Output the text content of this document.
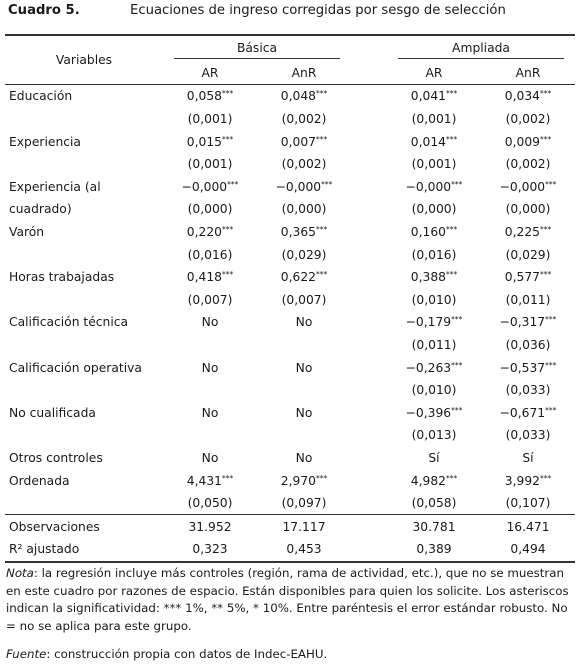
Cuadro 5.	Ecuaciones de ingreso corregidas por sesgo de selección
Variables	Básica			Ampliada	
	AR	AnR		AR	AnR
Educación	0,058***	0,048***		0,041***	0,034***
	(0,001)	(0,002)		(0,001)	(0,002)
Experiencia	0,015***	0,007***		0,014***	0,009***
	(0,001)	(0,002)		(0,001)	(0,002)
Experiencia (al	−0,000***	−0,000***		−0,000***	−0,000***
cuadrado)	(0,000)	(0,000)		(0,000)	(0,000)
Varón	0,220***	0,365***		0,160***	0,225***
	(0,016)	(0,029)		(0,016)	(0,029)
Horas trabajadas	0,418***	0,622***		0,388***	0,577***
	(0,007)	(0,007)		(0,010)	(0,011)
Calificación técnica	No	No		−0,179***	−0,317***
				(0,011)	(0,036)
Calificación operativa	No	No		−0,263***	−0,537***
				(0,010)	(0,033)
No cualificada	No	No		−0,396***	−0,671***
				(0,013)	(0,033)
Otros controles	No	No		Sí	Sí
Ordenada	4,431***	2,970***		4,982***	3,992***
	(0,050)	(0,097)		(0,058)	(0,107)
Observaciones	31.952	17.117		30.781	16.471
R² ajustado	0,323	0,453		0,389	0,494

Nota: la regresión incluye más controles (región, rama de actividad, etc.), que no se muestran en este cuadro por razones de espacio. Están disponibles para quien los solicite. Los asteriscos indican la significatividad: *** 1%, ** 5%, * 10%. Entre paréntesis el error estándar robusto. No = no se aplica para este grupo.

Fuente: construcción propia con datos de Indec-EAHU.
